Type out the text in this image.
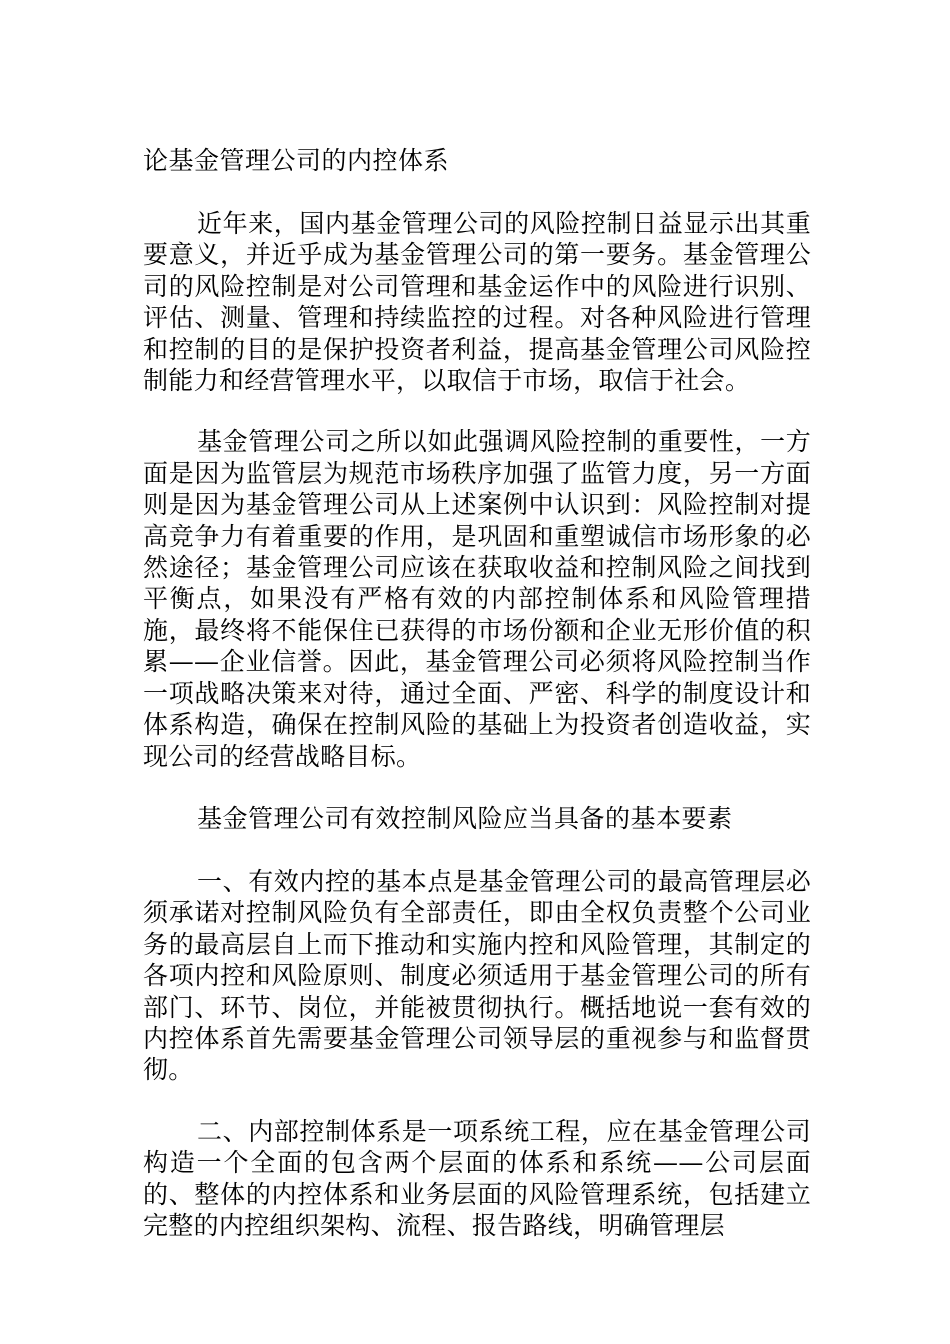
论基金管理公司的内控体系

近年来，国内基金管理公司的风险控制日益显示出其重要意义，并近乎成为基金管理公司的第一要务。基金管理公司的风险控制是对公司管理和基金运作中的风险进行识别、评估、测量、管理和持续监控的过程。对各种风险进行管理和控制的目的是保护投资者利益，提高基金管理公司风险控制能力和经营管理水平，以取信于市场，取信于社会。

基金管理公司之所以如此强调风险控制的重要性，一方面是因为监管层为规范市场秩序加强了监管力度，另一方面则是因为基金管理公司从上述案例中认识到：风险控制对提高竞争力有着重要的作用，是巩固和重塑诚信市场形象的必然途径；基金管理公司应该在获取收益和控制风险之间找到平衡点，如果没有严格有效的内部控制体系和风险管理措施，最终将不能保住已获得的市场份额和企业无形价值的积累——企业信誉。因此，基金管理公司必须将风险控制当作一项战略决策来对待，通过全面、严密、科学的制度设计和体系构造，确保在控制风险的基础上为投资者创造收益，实现公司的经营战略目标。

基金管理公司有效控制风险应当具备的基本要素

一、有效内控的基本点是基金管理公司的最高管理层必须承诺对控制风险负有全部责任，即由全权负责整个公司业务的最高层自上而下推动和实施内控和风险管理，其制定的各项内控和风险原则、制度必须适用于基金管理公司的所有部门、环节、岗位，并能被贯彻执行。概括地说一套有效的内控体系首先需要基金管理公司领导层的重视参与和监督贯彻。

二、内部控制体系是一项系统工程，应在基金管理公司构造一个全面的包含两个层面的体系和系统——公司层面的、整体的内控体系和业务层面的风险管理系统，包括建立完整的内控组织架构、流程、报告路线，明确管理层
